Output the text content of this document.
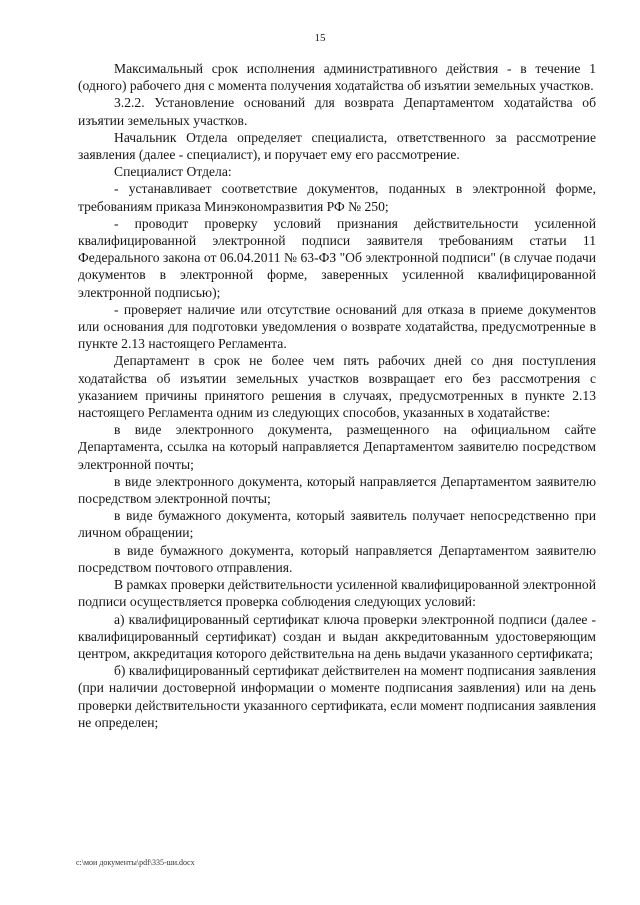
15

Максимальный срок исполнения административного действия - в течение 1 (одного) рабочего дня с момента получения ходатайства об изъятии земельных участков.

3.2.2. Установление оснований для возврата Департаментом ходатайства об изъятии земельных участков.

Начальник Отдела определяет специалиста, ответственного за рассмотрение заявления (далее - специалист), и поручает ему его рассмотрение.

Специалист Отдела:

- устанавливает соответствие документов, поданных в электронной форме, требованиям приказа Минэкономразвития РФ № 250;

- проводит проверку условий признания действительности усиленной квалифицированной электронной подписи заявителя требованиям статьи 11 Федерального закона от 06.04.2011 № 63-ФЗ "Об электронной подписи" (в случае подачи документов в электронной форме, заверенных усиленной квалифицированной электронной подписью);

- проверяет наличие или отсутствие оснований для отказа в приеме документов или основания для подготовки уведомления о возврате ходатайства, предусмотренные в пункте 2.13 настоящего Регламента.

Департамент в срок не более чем пять рабочих дней со дня поступления ходатайства об изъятии земельных участков возвращает его без рассмотрения с указанием причины принятого решения в случаях, предусмотренных в пункте 2.13 настоящего Регламента одним из следующих способов, указанных в ходатайстве:

в виде электронного документа, размещенного на официальном сайте Департамента, ссылка на который направляется Департаментом заявителю посредством электронной почты;

в виде электронного документа, который направляется Департаментом заявителю посредством электронной почты;

в виде бумажного документа, который заявитель получает непосредственно при личном обращении;

в виде бумажного документа, который направляется Департаментом заявителю посредством почтового отправления.

В рамках проверки действительности усиленной квалифицированной электронной подписи осуществляется проверка соблюдения следующих условий:

а) квалифицированный сертификат ключа проверки электронной подписи (далее - квалифицированный сертификат) создан и выдан аккредитованным удостоверяющим центром, аккредитация которого действительна на день выдачи указанного сертификата;

б) квалифицированный сертификат действителен на момент подписания заявления (при наличии достоверной информации о моменте подписания заявления) или на день проверки действительности указанного сертификата, если момент подписания заявления не определен;

c:\мои документы\pdf\335-ши.docx
